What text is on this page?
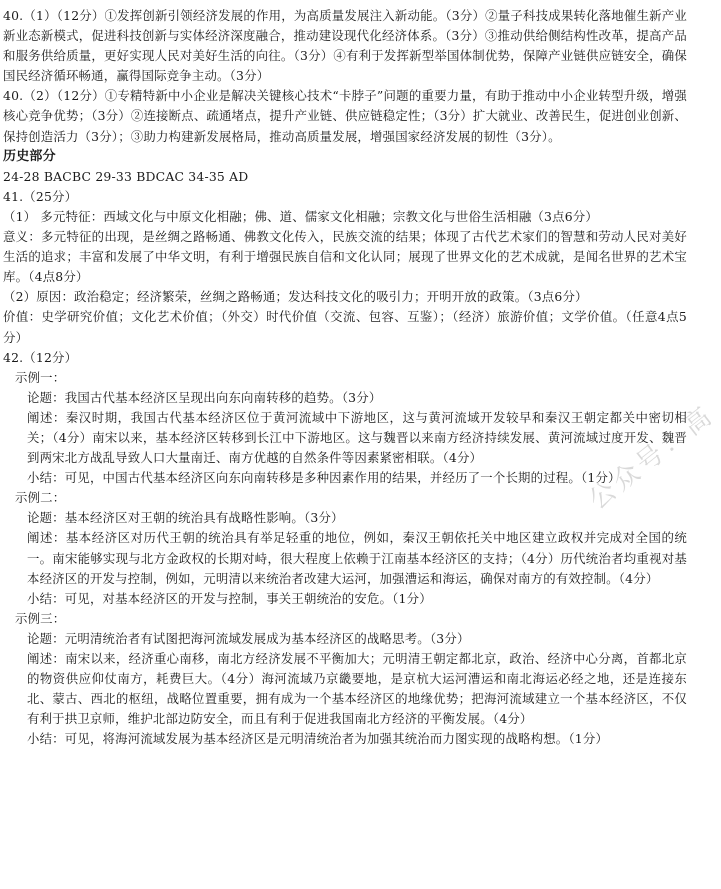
40.（1）（12分）①发挥创新引领经济发展的作用，为高质量发展注入新动能。（3分）②量子科技成果转化落地催生新产业新业态新模式，促进科技创新与实体经济深度融合，推动建设现代化经济体系。（3分）③推动供给侧结构性改革，提高产品和服务供给质量，更好实现人民对美好生活的向往。（3分）④有利于发挥新型举国体制优势，保障产业链供应链安全，确保国民经济循环畅通，赢得国际竞争主动。（3分）

40.（2）（12分）①专精特新中小企业是解决关键核心技术“卡脖子”问题的重要力量，有助于推动中小企业转型升级，增强核心竞争优势；（3分）②连接断点、疏通堵点，提升产业链、供应链稳定性；（3分）扩大就业、改善民生，促进创业创新、保持创造活力（3分）；③助力构建新发展格局，推动高质量发展，增强国家经济发展的韧性（3分）。

历史部分

24-28 BACBC 29-33 BDCAC 34-35 AD

41.（25分）

（1） 多元特征：西域文化与中原文化相融；佛、道、儒家文化相融；宗教文化与世俗生活相融（3点6分）

意义：多元特征的出现，是丝绸之路畅通、佛教文化传入，民族交流的结果；体现了古代艺术家们的智慧和劳动人民对美好生活的追求；丰富和发展了中华文明，有利于增强民族自信和文化认同；展现了世界文化的艺术成就，是闻名世界的艺术宝库。（4点8分）

（2）原因：政治稳定；经济繁荣，丝绸之路畅通；发达科技文化的吸引力；开明开放的政策。（3点6分）

价值：史学研究价值；文化艺术价值；（外交）时代价值（交流、包容、互鉴）；（经济）旅游价值；文学价值。（任意4点5分）

42.（12分）

示例一：

论题：我国古代基本经济区呈现出向东向南转移的趋势。（3分）

阐述：秦汉时期，我国古代基本经济区位于黄河流域中下游地区，这与黄河流域开发较早和秦汉王朝定都关中密切相关；（4分）南宋以来，基本经济区转移到长江中下游地区。这与魏晋以来南方经济持续发展、黄河流域过度开发、魏晋到两宋北方战乱导致人口大量南迁、南方优越的自然条件等因素紧密相联。（4分）

小结：可见，中国古代基本经济区向东向南转移是多种因素作用的结果，并经历了一个长期的过程。（1分）

示例二：

论题：基本经济区对王朝的统治具有战略性影响。（3分）

阐述：基本经济区对历代王朝的统治具有举足轻重的地位，例如，秦汉王朝依托关中地区建立政权并完成对全国的统一。南宋能够实现与北方金政权的长期对峙，很大程度上依赖于江南基本经济区的支持；（4分）历代统治者均重视对基本经济区的开发与控制，例如，元明清以来统治者改建大运河，加强漕运和海运，确保对南方的有效控制。（4分）

小结：可见，对基本经济区的开发与控制，事关王朝统治的安危。（1分）

示例三：

论题：元明清统治者有试图把海河流域发展成为基本经济区的战略思考。（3分）

阐述：南宋以来，经济重心南移，南北方经济发展不平衡加大；元明清王朝定都北京，政治、经济中心分离，首都北京的物资供应仰仗南方，耗费巨大。（4分）海河流域乃京畿要地，是京杭大运河漕运和南北海运必经之地，还是连接东北、蒙古、西北的枢纽，战略位置重要，拥有成为一个基本经济区的地缘优势；把海河流域建立一个基本经济区，不仅有利于拱卫京师，维护北部边防安全，而且有利于促进我国南北方经济的平衡发展。（4分）

小结：可见，将海河流域发展为基本经济区是元明清统治者为加强其统治而力图实现的战略构想。（1分）

公众号：高
